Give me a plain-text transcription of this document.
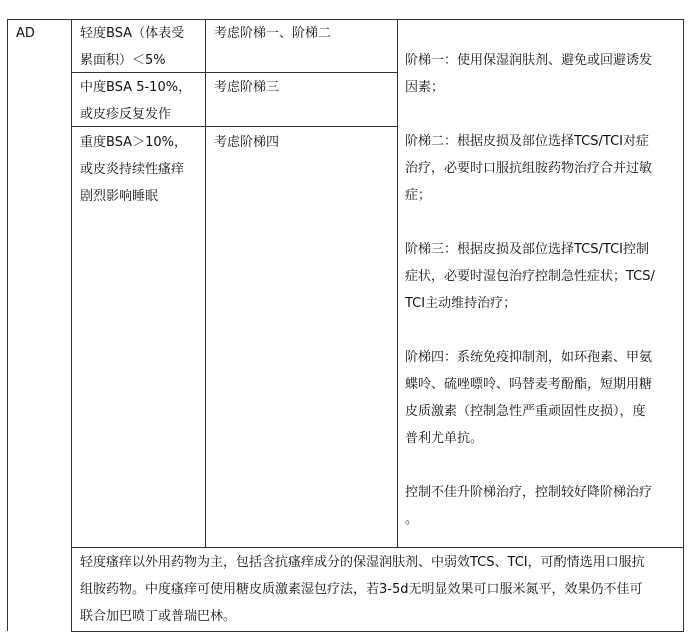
AD	轻度BSA（体表受
累面积）＜5%
中度BSA 5-10%，
或皮疹反复发作
重度BSA＞10%，
或皮炎持续性瘙痒
剧烈影响睡眠
考虑阶梯一、阶梯二
考虑阶梯三
考虑阶梯四
阶梯一：使用保湿润肤剂、避免或回避诱发
因素；
阶梯二：根据皮损及部位选择TCS/TCI对症
治疗，必要时口服抗组胺药物治疗合并过敏
症；
阶梯三：根据皮损及部位选择TCS/TCI控制
症状，必要时湿包治疗控制急性症状；TCS/
TCI主动维持治疗；
阶梯四：系统免疫抑制剂，如环孢素、甲氨
蝶呤、硫唑嘌呤、吗替麦考酚酯，短期用糖
皮质激素（控制急性严重顽固性皮损），度
普利尤单抗。
控制不佳升阶梯治疗，控制较好降阶梯治疗
。
轻度瘙痒以外用药物为主，包括含抗瘙痒成分的保湿润肤剂、中弱效TCS、TCI，可酌情选用口服抗
组胺药物。中度瘙痒可使用糖皮质激素湿包疗法，若3-5d无明显效果可口服米氮平，效果仍不佳可
联合加巴喷丁或普瑞巴林。
